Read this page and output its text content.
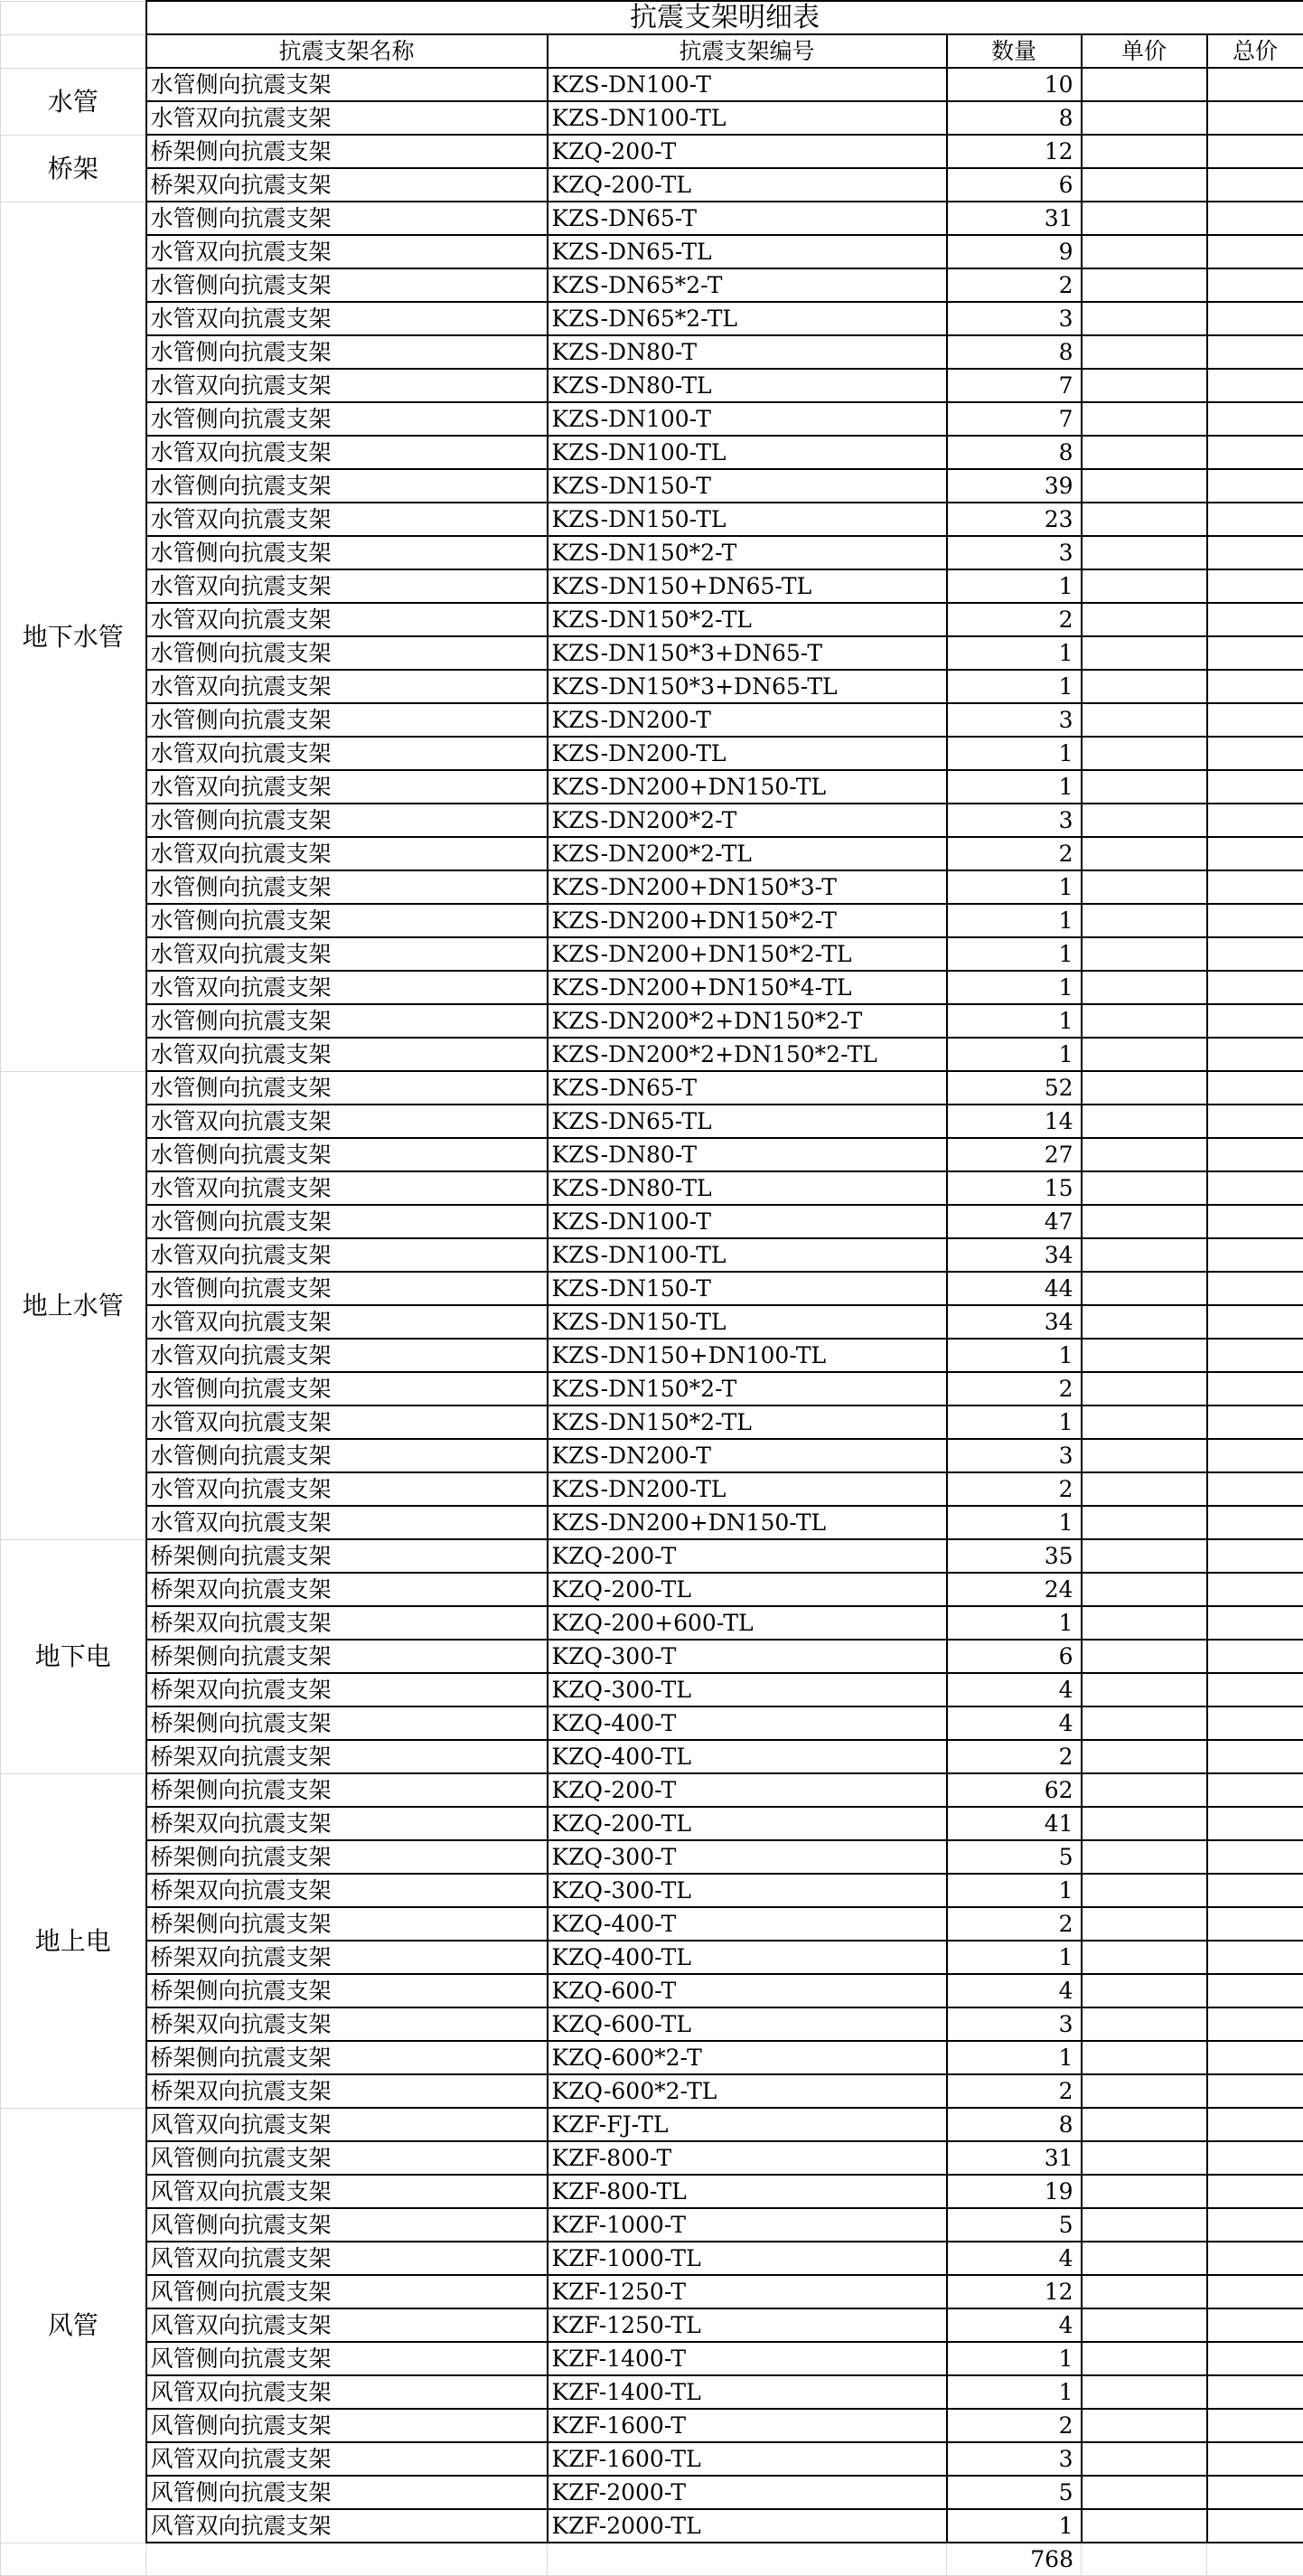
	抗震支架明细表				
	抗震支架名称	抗震支架编号	数量	单价	总价
水管	水管侧向抗震支架	KZS-DN100-T	10		
	水管双向抗震支架	KZS-DN100-TL	8		
桥架	桥架侧向抗震支架	KZQ-200-T	12		
	桥架双向抗震支架	KZQ-200-TL	6		
地下水管	水管侧向抗震支架	KZS-DN65-T	31		
	水管双向抗震支架	KZS-DN65-TL	9		
	水管侧向抗震支架	KZS-DN65*2-T	2		
	水管双向抗震支架	KZS-DN65*2-TL	3		
	水管侧向抗震支架	KZS-DN80-T	8		
	水管双向抗震支架	KZS-DN80-TL	7		
	水管侧向抗震支架	KZS-DN100-T	7		
	水管双向抗震支架	KZS-DN100-TL	8		
	水管侧向抗震支架	KZS-DN150-T	39		
	水管双向抗震支架	KZS-DN150-TL	23		
	水管侧向抗震支架	KZS-DN150*2-T	3		
	水管双向抗震支架	KZS-DN150+DN65-TL	1		
	水管双向抗震支架	KZS-DN150*2-TL	2		
	水管侧向抗震支架	KZS-DN150*3+DN65-T	1		
	水管双向抗震支架	KZS-DN150*3+DN65-TL	1		
	水管侧向抗震支架	KZS-DN200-T	3		
	水管双向抗震支架	KZS-DN200-TL	1		
	水管双向抗震支架	KZS-DN200+DN150-TL	1		
	水管侧向抗震支架	KZS-DN200*2-T	3		
	水管双向抗震支架	KZS-DN200*2-TL	2		
	水管侧向抗震支架	KZS-DN200+DN150*3-T	1		
	水管侧向抗震支架	KZS-DN200+DN150*2-T	1		
	水管双向抗震支架	KZS-DN200+DN150*2-TL	1		
	水管双向抗震支架	KZS-DN200+DN150*4-TL	1		
	水管侧向抗震支架	KZS-DN200*2+DN150*2-T	1		
	水管双向抗震支架	KZS-DN200*2+DN150*2-TL	1		
地上水管	水管侧向抗震支架	KZS-DN65-T	52		
	水管双向抗震支架	KZS-DN65-TL	14		
	水管侧向抗震支架	KZS-DN80-T	27		
	水管双向抗震支架	KZS-DN80-TL	15		
	水管侧向抗震支架	KZS-DN100-T	47		
	水管双向抗震支架	KZS-DN100-TL	34		
	水管侧向抗震支架	KZS-DN150-T	44		
	水管双向抗震支架	KZS-DN150-TL	34		
	水管双向抗震支架	KZS-DN150+DN100-TL	1		
	水管侧向抗震支架	KZS-DN150*2-T	2		
	水管双向抗震支架	KZS-DN150*2-TL	1		
	水管侧向抗震支架	KZS-DN200-T	3		
	水管双向抗震支架	KZS-DN200-TL	2		
	水管双向抗震支架	KZS-DN200+DN150-TL	1		
地下电	桥架侧向抗震支架	KZQ-200-T	35		
	桥架双向抗震支架	KZQ-200-TL	24		
	桥架双向抗震支架	KZQ-200+600-TL	1		
	桥架侧向抗震支架	KZQ-300-T	6		
	桥架双向抗震支架	KZQ-300-TL	4		
	桥架侧向抗震支架	KZQ-400-T	4		
	桥架双向抗震支架	KZQ-400-TL	2		
地上电	桥架侧向抗震支架	KZQ-200-T	62		
	桥架双向抗震支架	KZQ-200-TL	41		
	桥架侧向抗震支架	KZQ-300-T	5		
	桥架双向抗震支架	KZQ-300-TL	1		
	桥架侧向抗震支架	KZQ-400-T	2		
	桥架双向抗震支架	KZQ-400-TL	1		
	桥架侧向抗震支架	KZQ-600-T	4		
	桥架双向抗震支架	KZQ-600-TL	3		
	桥架侧向抗震支架	KZQ-600*2-T	1		
	桥架双向抗震支架	KZQ-600*2-TL	2		
风管	风管双向抗震支架	KZF-FJ-TL	8		
	风管侧向抗震支架	KZF-800-T	31		
	风管双向抗震支架	KZF-800-TL	19		
	风管侧向抗震支架	KZF-1000-T	5		
	风管双向抗震支架	KZF-1000-TL	4		
	风管侧向抗震支架	KZF-1250-T	12		
	风管双向抗震支架	KZF-1250-TL	4		
	风管侧向抗震支架	KZF-1400-T	1		
	风管双向抗震支架	KZF-1400-TL	1		
	风管侧向抗震支架	KZF-1600-T	2		
	风管双向抗震支架	KZF-1600-TL	3		
	风管侧向抗震支架	KZF-2000-T	5		
	风管双向抗震支架	KZF-2000-TL	1		
			768		
